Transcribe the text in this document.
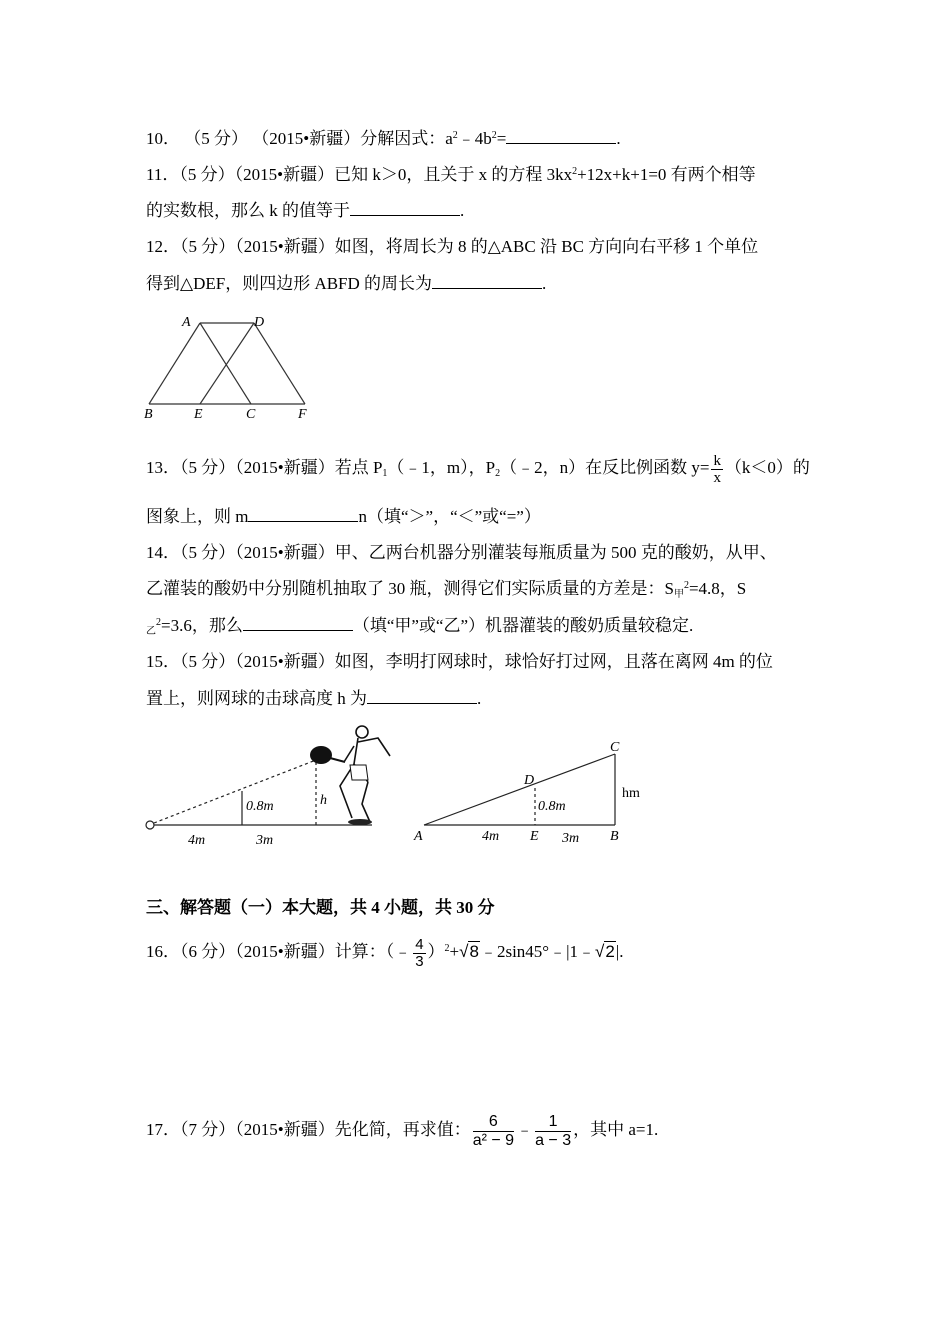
10． （5 分） （2015•新疆）分解因式：$a^2﹣4b^2=$	.
11．（5 分）（2015•新疆）已知 k＞0，且关于 x 的方程 $3kx^2+12x+k+1=0$ 有两个相等
的实数根，那么 k 的值等于	.
12．（5 分）（2015•新疆）如图，将周长为 8 的△ABC 沿 BC 方向向右平移 1 个单位
得到△DEF，则四边形 ABFD 的周长为	.
A	D
B	E	C	F
13．（5 分）（2015•新疆）若点 $P_1(﹣1$，m），$P_2(﹣2$，n）在反比例函数 $y= \frac{k}{x} (k<0)$的
图象上，则 m	n（填“＞”，“＜”或“=”）
14．（5 分）（2015•新疆）甲、乙两台机器分别灌装每瓶质量为 500 克的酸奶，从甲、
乙灌装的酸奶中分别随机抽取了 30 瓶，测得它们实际质量的方差是：$S_甲^2=4.8$，S
$_乙^2$=3.6，那么	（填“甲”或“乙”）机器灌装的酸奶质量较稳定.
15．（5 分）（2015•新疆）如图，李明打网球时，球恰好打过网，且落在离网 4m 的位
置上，则网球的击球高度 h 为	.
0.8m	h
4m	3m
C
D
A	E	B
0.8m
4m	3m
hm
三、解答题（一）本大题，共 4 小题，共 30 分
16．（6 分）（2015•新疆）计算：（﹣ $\frac{4}{3}$ ）$^2$+√8﹣2sin45°﹣|1﹣√2|.
17．（7 分）（2015•新疆）先化简，再求值： $\frac{6}{\text{a² − 9}}$ ﹣ $\frac{1}{a - 3}$ ，其中 a=1.
